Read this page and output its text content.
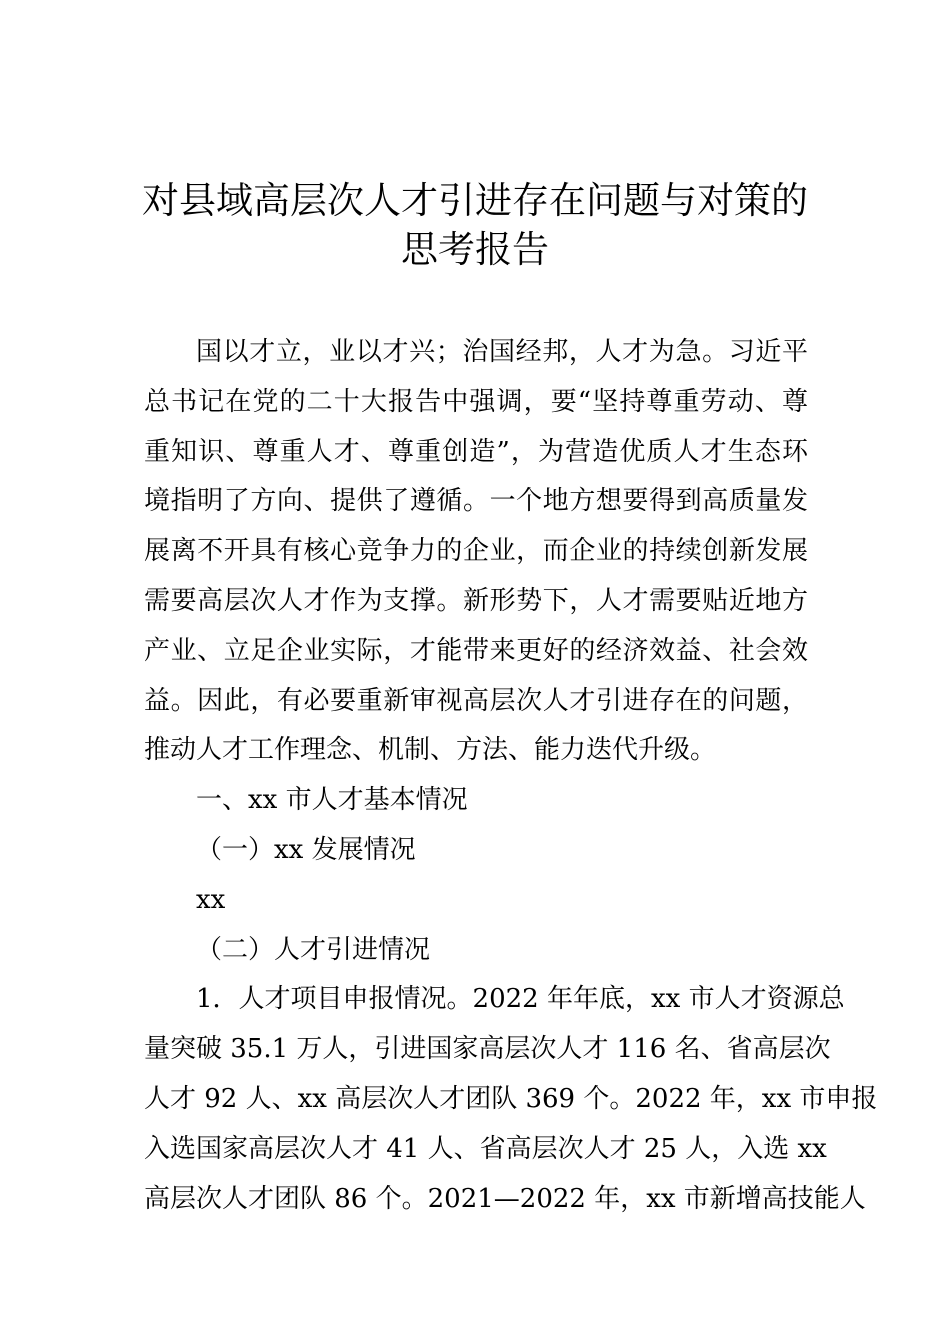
对县域高层次人才引进存在问题与对策的
思考报告
国以才立，业以才兴；治国经邦，人才为急。习近平
总书记在党的二十大报告中强调，要“坚持尊重劳动、尊
重知识、尊重人才、尊重创造”，为营造优质人才生态环
境指明了方向、提供了遵循。一个地方想要得到高质量发
展离不开具有核心竞争力的企业，而企业的持续创新发展
需要高层次人才作为支撑。新形势下，人才需要贴近地方
产业、立足企业实际，才能带来更好的经济效益、社会效
益。因此，有必要重新审视高层次人才引进存在的问题，
推动人才工作理念、机制、方法、能力迭代升级。
一、xx 市人才基本情况
（一）xx 发展情况
xx
（二）人才引进情况
1．人才项目申报情况。2022 年年底，xx 市人才资源总
量突破 35.1 万人，引进国家高层次人才 116 名、省高层次
人才 92 人、xx 高层次人才团队 369 个。2022 年，xx 市申报
入选国家高层次人才 41 人、省高层次人才 25 人，入选 xx
高层次人才团队 86 个。2021—2022 年，xx 市新增高技能人
